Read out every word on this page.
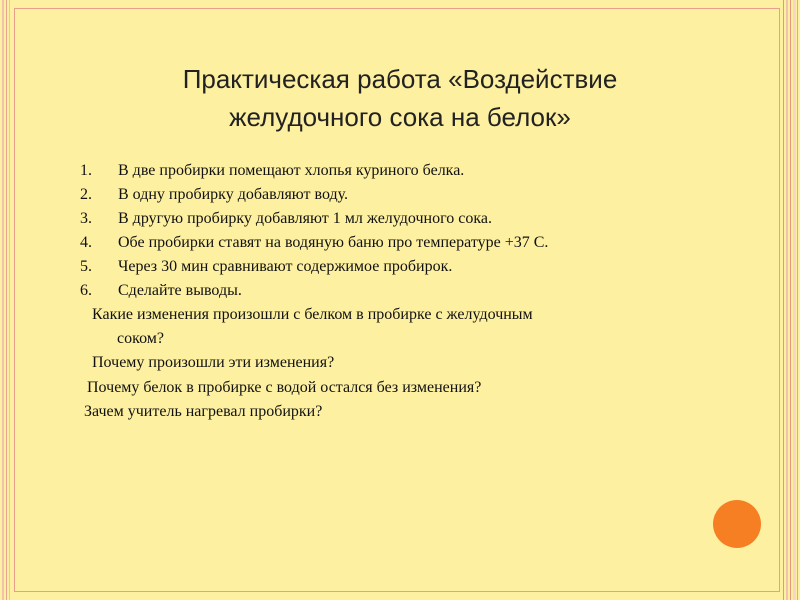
Практическая работа «Воздействие
желудочного сока на белок»
1.	В две пробирки помещают хлопья куриного белка.
2.	В одну пробирку добавляют воду.
3.	В другую пробирку добавляют 1 мл желудочного сока.
4.	Обе пробирки ставят на водяную баню про температуре +37 С.
5.	Через 30 мин сравнивают содержимое пробирок.
6.	Сделайте выводы.
Какие изменения произошли с белком в пробирке с желудочным
соком?
Почему произошли эти изменения?
Почему белок в пробирке с водой остался без изменения?
Зачем учитель нагревал пробирки?
